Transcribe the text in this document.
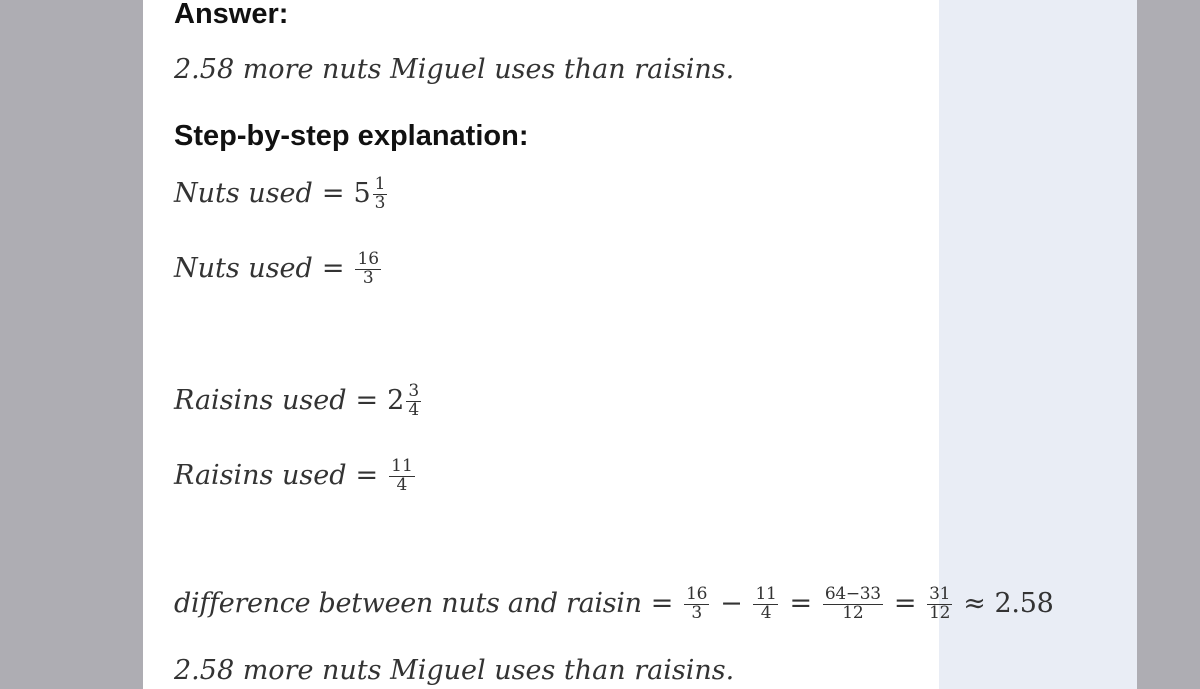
Answer:
2.58 more nuts Miguel uses than raisins.
Step-by-step explanation:
Nuts used = $5 \frac{1}{3}$
Nuts used = $\frac{16}{3}$
Raisins used = $2 \frac{3}{4}$
Raisins used = $\frac{11}{4}$
difference between nuts and $raisin = \frac{16}{3} - \frac{11}{4} = \frac{64-33}{12} = \frac{31}{12} \approx 2.58$
2.58 more nuts Miguel uses than raisins.
